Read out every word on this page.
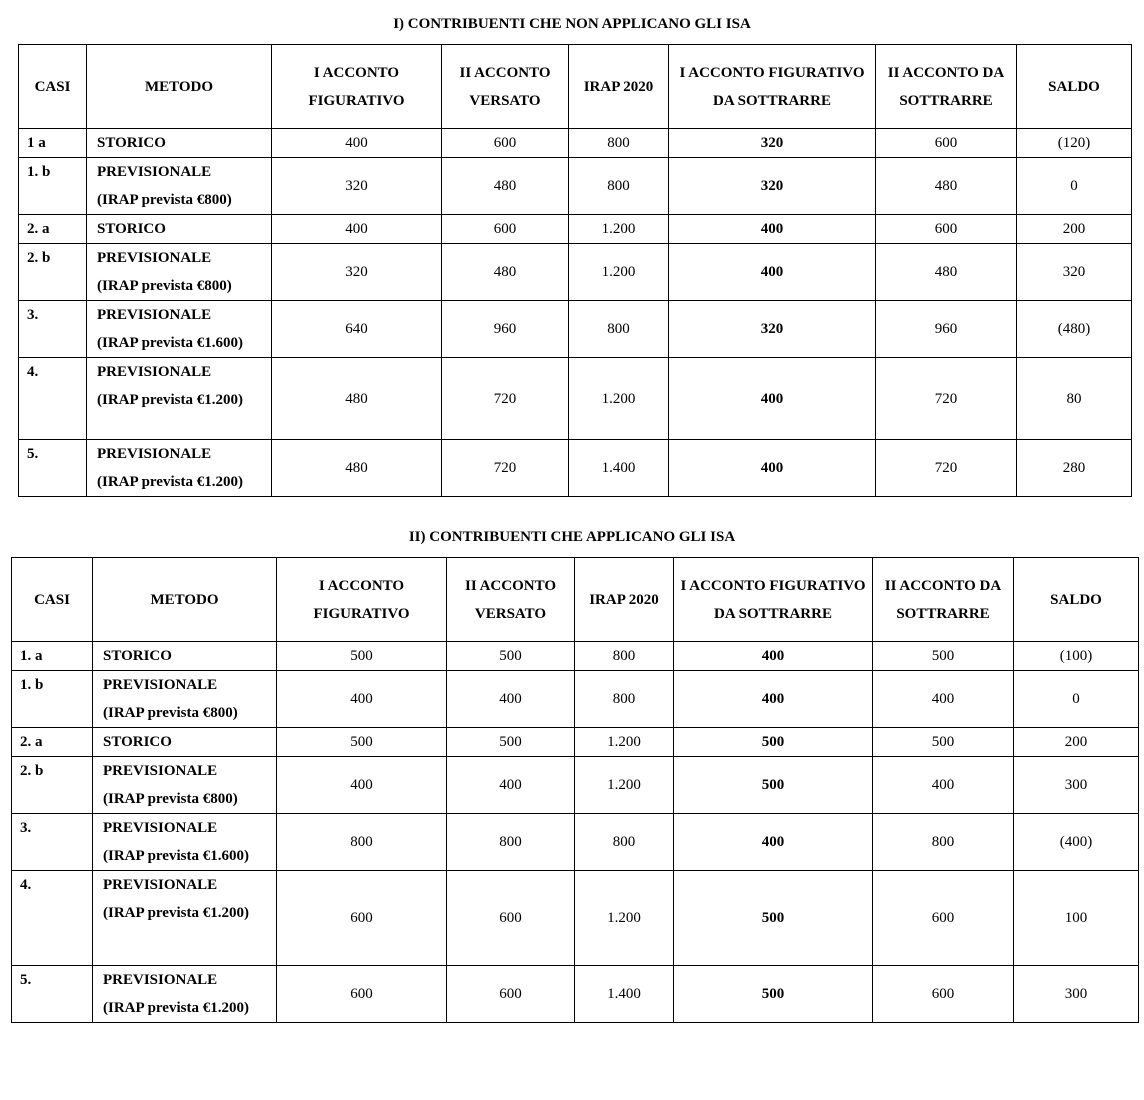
I) CONTRIBUENTI CHE NON APPLICANO GLI ISA
CASI	METODO	I ACCONTO FIGURATIVO	II ACCONTO VERSATO	IRAP 2020	I ACCONTO FIGURATIVO DA SOTTRARRE	II ACCONTO DA SOTTRARRE	SALDO
1 a	STORICO	400	600	800	320	600	(120)
1. b	PREVISIONALE
(IRAP prevista €800)	320	480	800	320	480	0
2. a	STORICO	400	600	1.200	400	600	200
2. b	PREVISIONALE
(IRAP prevista €800)	320	480	1.200	400	480	320
3.	PREVISIONALE
(IRAP prevista €1.600)	640	960	800	320	960	(480)
4.	PREVISIONALE
(IRAP prevista €1.200)	480	720	1.200	400	720	80
5.	PREVISIONALE
(IRAP prevista €1.200)	480	720	1.400	400	720	280
II) CONTRIBUENTI CHE APPLICANO GLI ISA
CASI	METODO	I ACCONTO FIGURATIVO	II ACCONTO VERSATO	IRAP 2020	I ACCONTO FIGURATIVO DA SOTTRARRE	II ACCONTO DA SOTTRARRE	SALDO
1. a	STORICO	500	500	800	400	500	(100)
1. b	PREVISIONALE
(IRAP prevista €800)	400	400	800	400	400	0
2. a	STORICO	500	500	1.200	500	500	200
2. b	PREVISIONALE
(IRAP prevista €800)	400	400	1.200	500	400	300
3.	PREVISIONALE
(IRAP prevista €1.600)	800	800	800	400	800	(400)
4.	PREVISIONALE
(IRAP prevista €1.200)	600	600	1.200	500	600	100
5.	PREVISIONALE
(IRAP prevista €1.200)	600	600	1.400	500	600	300
